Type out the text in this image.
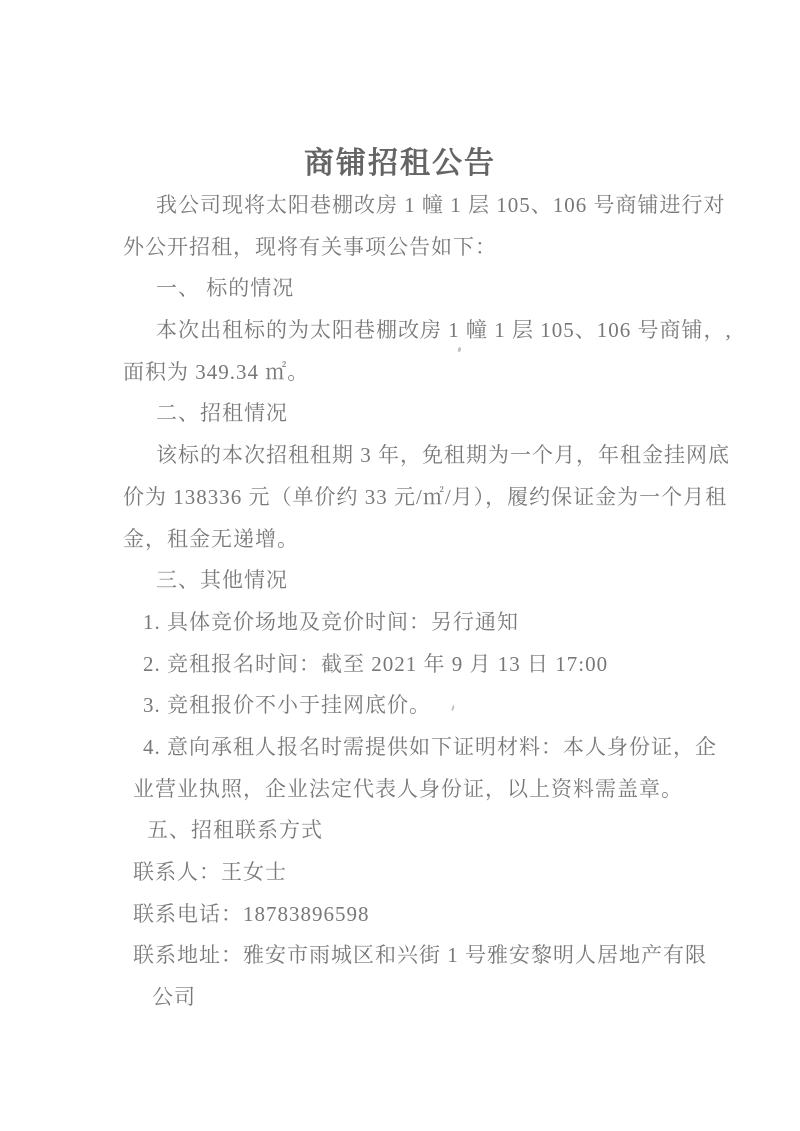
商铺招租公告
我公司现将太阳巷棚改房 1 幢 1 层 105、106 号商铺进行对
外公开招租，现将有关事项公告如下：
一、 标的情况
本次出租标的为太阳巷棚改房 1 幢 1 层 105、106 号商铺，,
面积为 349.34 ㎡。
二、招租情况
该标的本次招租租期 3 年，免租期为一个月，年租金挂网底
价为 138336 元（单价约 33 元/㎡/月），履约保证金为一个月租
金，租金无递增。
三、其他情况
1. 具体竞价场地及竞价时间：另行通知
2. 竞租报名时间：截至 2021 年 9 月 13 日 17:00
3. 竞租报价不小于挂网底价。
4. 意向承租人报名时需提供如下证明材料：本人身份证，企
业营业执照，企业法定代表人身份证，以上资料需盖章。
五、招租联系方式
联系人：王女士
联系电话：18783896598
联系地址：雅安市雨城区和兴街 1 号雅安黎明人居地产有限
公司
